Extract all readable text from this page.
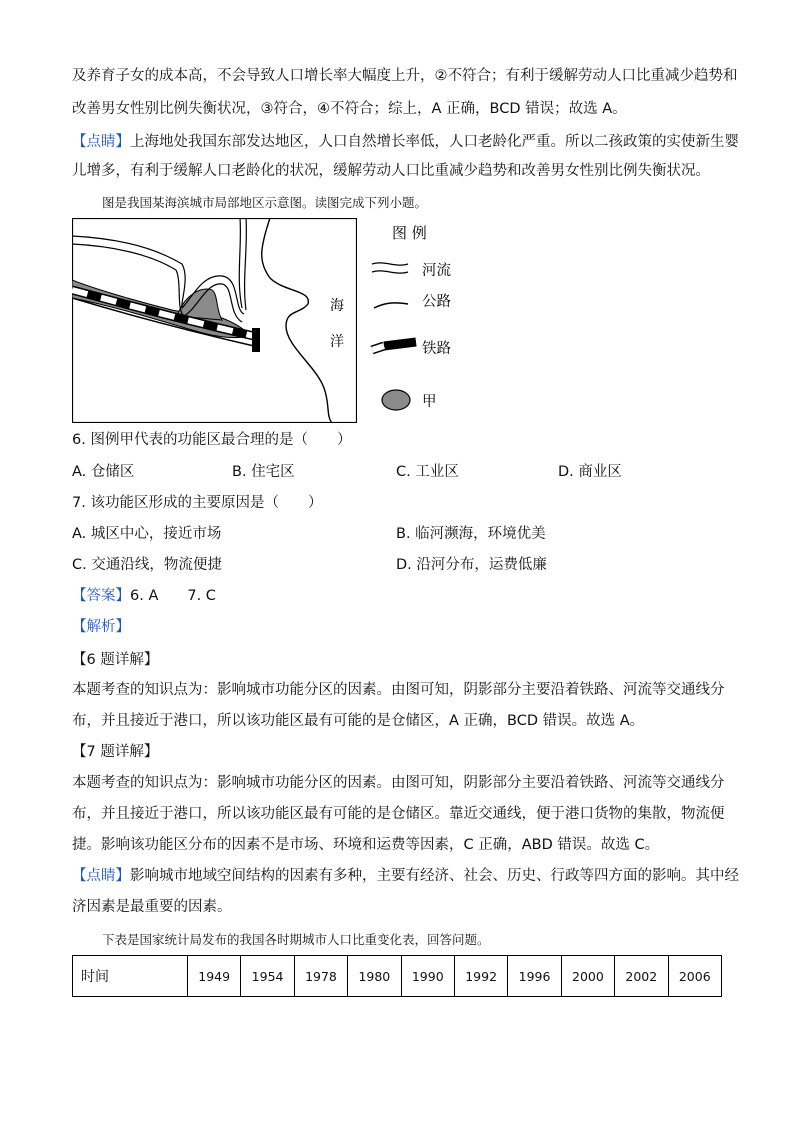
及养育子女的成本高，不会导致人口增长率大幅度上升，②不符合；有利于缓解劳动人口比重减少趋势和
改善男女性别比例失衡状况，③符合，④不符合；综上，A 正确，BCD 错误；故选 A。
【点睛】上海地处我国东部发达地区，人口自然增长率低，人口老龄化严重。所以二孩政策的实使新生婴
儿增多，有利于缓解人口老龄化的状况，缓解劳动人口比重减少趋势和改善男女性别比例失衡状况。
图是我国某海滨城市局部地区示意图。读图完成下列小题。
海
洋
图 例
河流
公路
铁路
甲
6. 图例甲代表的功能区最合理的是（　　）
A. 仓储区	B. 住宅区	C. 工业区	D. 商业区
7. 该功能区形成的主要原因是（　　）
A. 城区中心，接近市场	B. 临河濒海，环境优美
C. 交通沿线，物流便捷	D. 沿河分布，运费低廉
【答案】6. A　　7. C
【解析】
【6 题详解】
本题考查的知识点为：影响城市功能分区的因素。由图可知，阴影部分主要沿着铁路、河流等交通线分
布，并且接近于港口，所以该功能区最有可能的是仓储区，A 正确，BCD 错误。故选 A。
【7 题详解】
本题考查的知识点为：影响城市功能分区的因素。由图可知，阴影部分主要沿着铁路、河流等交通线分
布，并且接近于港口，所以该功能区最有可能的是仓储区。靠近交通线，便于港口货物的集散，物流便
捷。影响该功能区分布的因素不是市场、环境和运费等因素，C 正确，ABD 错误。故选 C。
【点睛】影响城市地域空间结构的因素有多种，主要有经济、社会、历史、行政等四方面的影响。其中经
济因素是最重要的因素。
下表是国家统计局发布的我国各时期城市人口比重变化表，回答问题。
时间	1949	1954	1978	1980	1990	1992	1996	2000	2002	2006
